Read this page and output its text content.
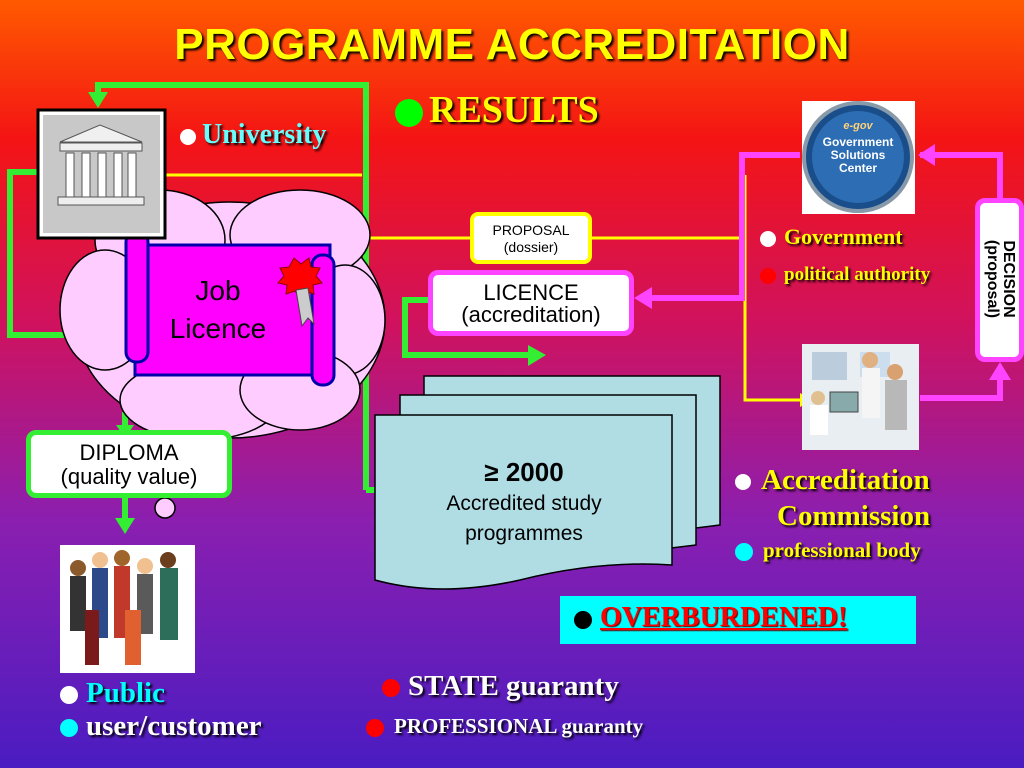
PROGRAMME ACCREDITATION
RESULTS
University
Job
Licence
PROPOSAL
(dossier)
LICENCE
(accreditation)
DIPLOMA
(quality value)
DECISION
(proposal)
e-gov
Government
Solutions
Center
Government
political authority
≥ 2000
Accredited study
programmes
Accreditation
Commission
professional body
OVERBURDENED!
Public
user/customer
STATE guaranty
PROFESSIONAL guaranty
